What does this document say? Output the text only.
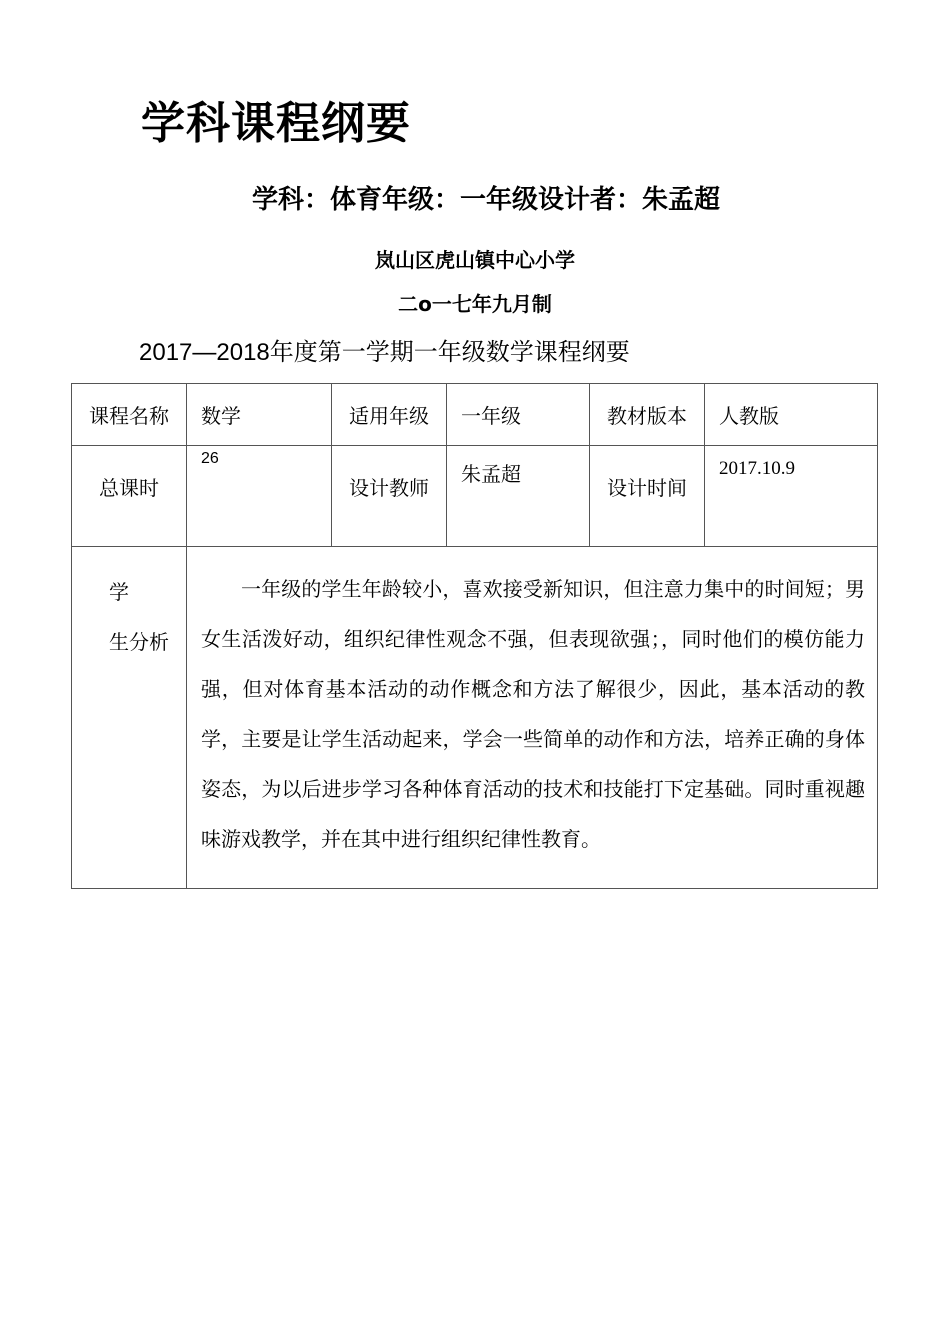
学科课程纲要
学科：体育年级：一年级设计者：朱孟超
岚山区虎山镇中心小学
二o一七年九月制
2017—2018年度第一学期一年级数学课程纲要
课程名称	数学	适用年级	一年级	教材版本	人教版
总课时	26	设计教师	朱孟超	设计时间	2017.10.9

学
生分析	一年级的学生年龄较小，喜欢接受新知识，但注意力集中的时间短；男女生活泼好动，组织纪律性观念不强，但表现欲强；，同时他们的模仿能力强，但对体育基本活动的动作概念和方法了解很少，因此，基本活动的教学，主要是让学生活动起来，学会一些简单的动作和方法，培养正确的身体姿态，为以后进步学习各种体育活动的技术和技能打下定基础。同时重视趣味游戏教学，并在其中进行组织纪律性教育。				
